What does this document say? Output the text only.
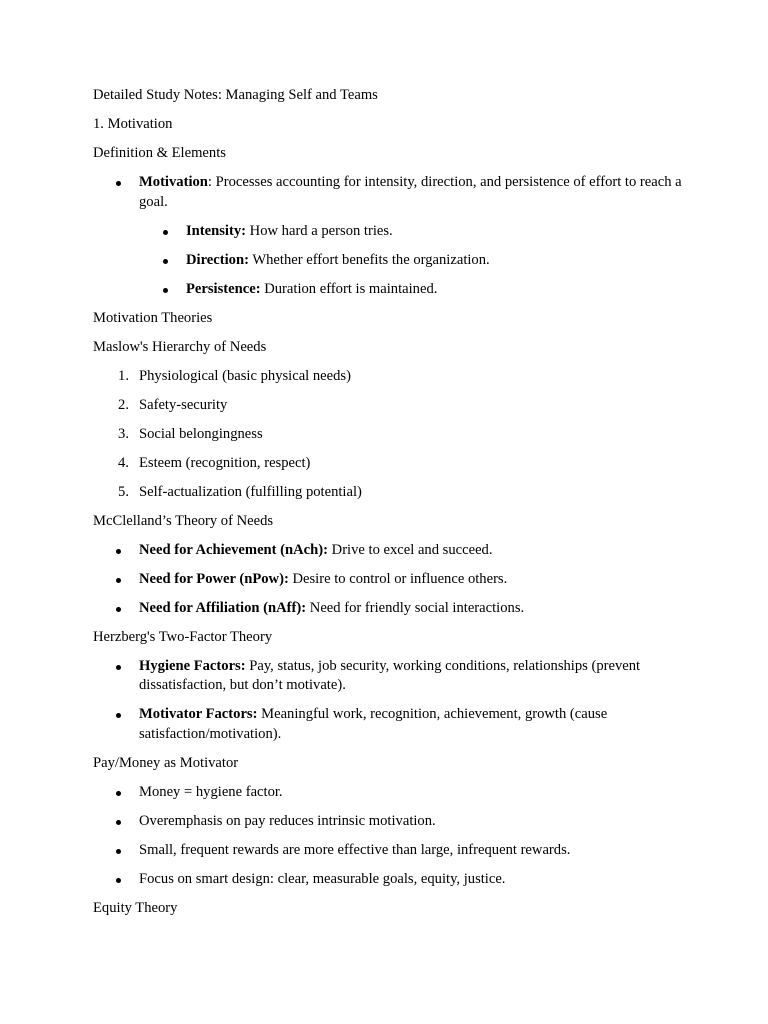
Detailed Study Notes: Managing Self and Teams

1. Motivation

Definition & Elements

Motivation: Processes accounting for intensity, direction, and persistence of effort to reach a goal.
Intensity: How hard a person tries.
Direction: Whether effort benefits the organization.
Persistence: Duration effort is maintained.

Motivation Theories

Maslow's Hierarchy of Needs

1. Physiological (basic physical needs)
2. Safety-security
3. Social belongingness
4. Esteem (recognition, respect)
5. Self-actualization (fulfilling potential)

McClelland’s Theory of Needs

Need for Achievement (nAch): Drive to excel and succeed.
Need for Power (nPow): Desire to control or influence others.
Need for Affiliation (nAff): Need for friendly social interactions.

Herzberg's Two-Factor Theory

Hygiene Factors: Pay, status, job security, working conditions, relationships (prevent dissatisfaction, but don’t motivate).
Motivator Factors: Meaningful work, recognition, achievement, growth (cause satisfaction/motivation).

Pay/Money as Motivator

Money = hygiene factor.
Overemphasis on pay reduces intrinsic motivation.
Small, frequent rewards are more effective than large, infrequent rewards.
Focus on smart design: clear, measurable goals, equity, justice.

Equity Theory
